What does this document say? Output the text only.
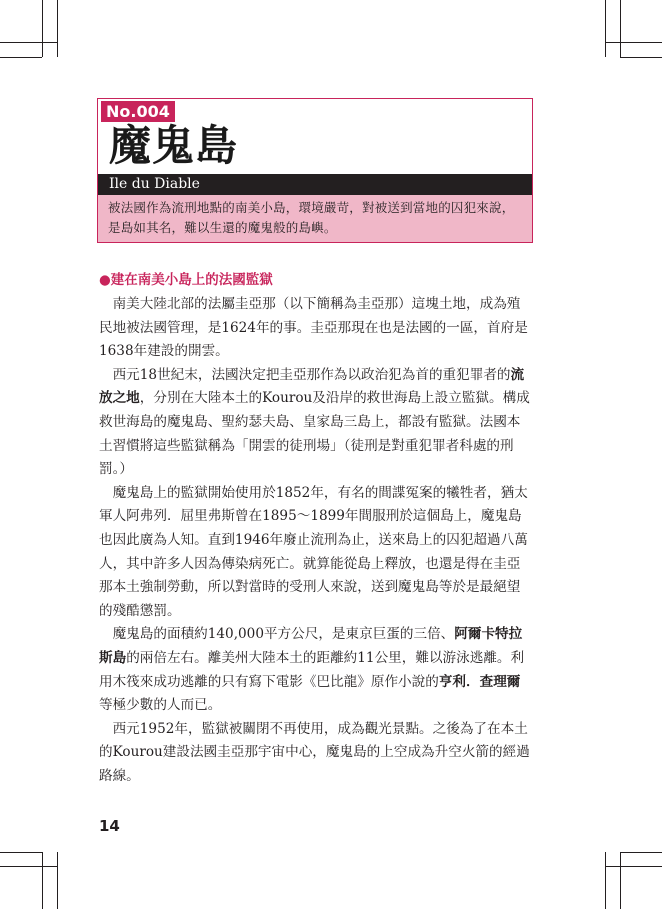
No.004
魔鬼島
Ile du Diable
被法國作為流刑地點的南美小島，環境嚴苛，對被送到當地的囚犯來說，
是島如其名，難以生還的魔鬼般的島嶼。
●建在南美小島上的法國監獄
　南美大陸北部的法屬圭亞那（以下簡稱為圭亞那）這塊土地，成為殖
民地被法國管理，是1624年的事。圭亞那現在也是法國的一區，首府是
1638年建設的開雲。
　西元18世紀末，法國決定把圭亞那作為以政治犯為首的重犯罪者的流
放之地，分別在大陸本土的Kourou及沿岸的救世海島上設立監獄。構成
救世海島的魔鬼島、聖約瑟夫島、皇家島三島上，都設有監獄。法國本
土習慣將這些監獄稱為「開雲的徒刑場」（徒刑是對重犯罪者科處的刑
罰。）
　魔鬼島上的監獄開始使用於1852年，有名的間諜冤案的犧牲者，猶太
軍人阿弗列．屈里弗斯曾在1895～1899年間服刑於這個島上，魔鬼島
也因此廣為人知。直到1946年廢止流刑為止，送來島上的囚犯超過八萬
人，其中許多人因為傳染病死亡。就算能從島上釋放，也還是得在圭亞
那本土強制勞動，所以對當時的受刑人來說，送到魔鬼島等於是最絕望
的殘酷懲罰。
　魔鬼島的面積約140,000平方公尺，是東京巨蛋的三倍、阿爾卡特拉
斯島的兩倍左右。離美州大陸本土的距離約11公里，難以游泳逃離。利
用木筏來成功逃離的只有寫下電影《巴比龍》原作小說的亨利．查理爾
等極少數的人而已。
　西元1952年，監獄被關閉不再使用，成為觀光景點。之後為了在本土
的Kourou建設法國圭亞那宇宙中心，魔鬼島的上空成為升空火箭的經過
路線。
14
